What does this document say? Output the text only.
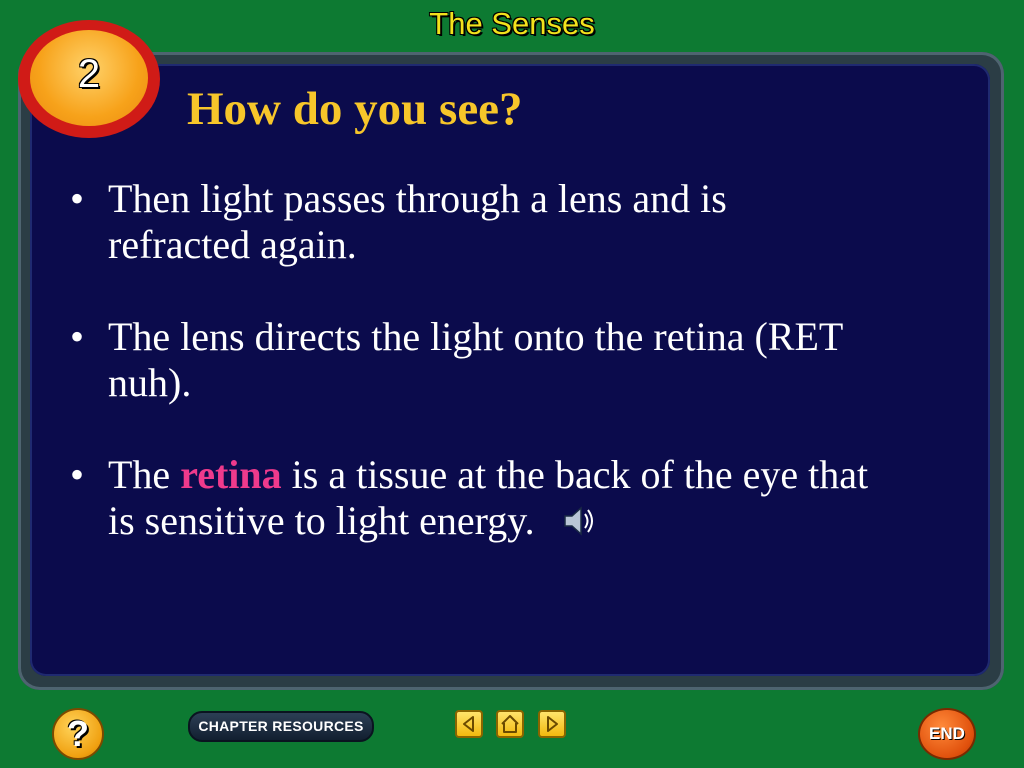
The Senses
2
How do you see?
• Then light passes through a lens and is refracted again.
• The lens directs the light onto the retina (RET nuh).
• The retina is a tissue at the back of the eye that is sensitive to light energy.
?	CHAPTER RESOURCES	END
